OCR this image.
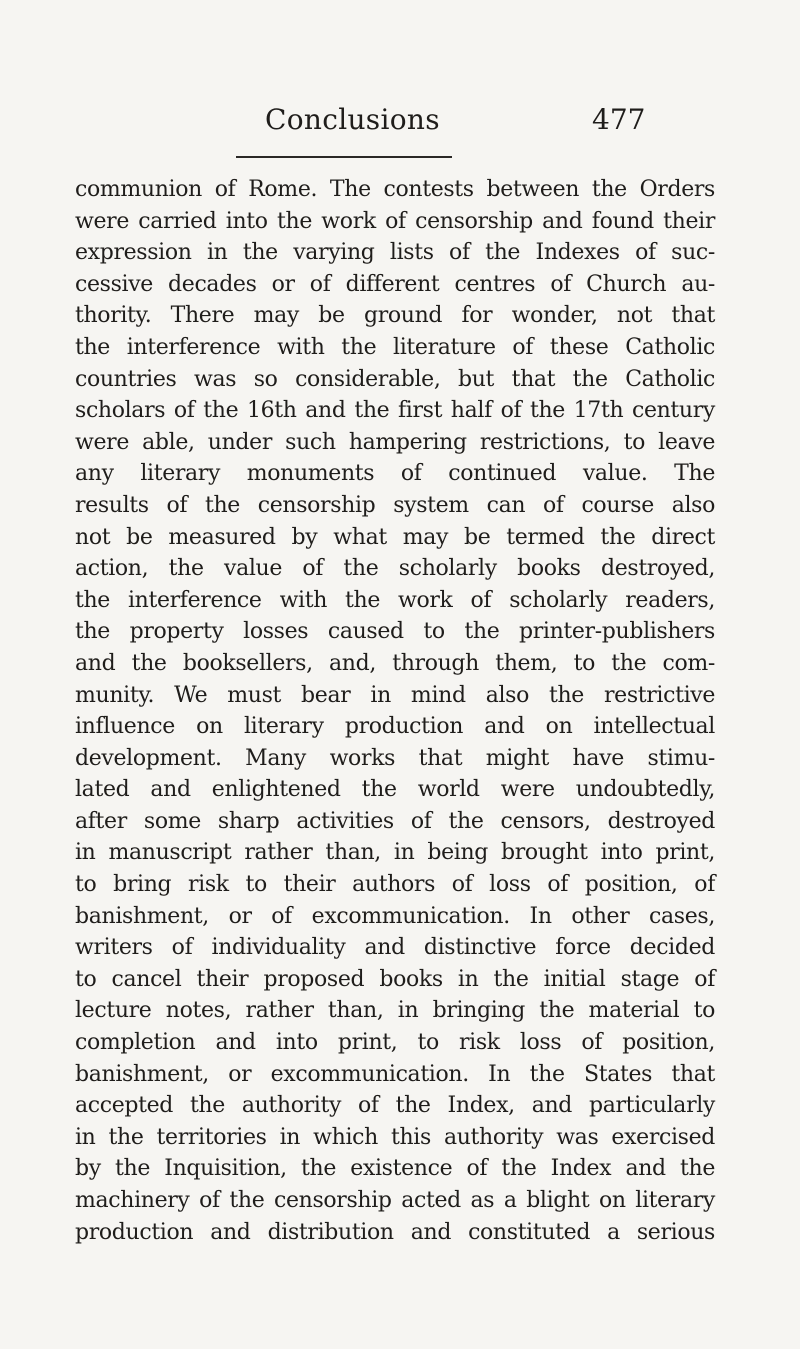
Conclusions	477
communion of Rome. The contests between the Orders
were carried into the work of censorship and found their
expression in the varying lists of the Indexes of suc-
cessive decades or of different centres of Church au-
thority. There may be ground for wonder, not that
the interference with the literature of these Catholic
countries was so considerable, but that the Catholic
scholars of the 16th and the first half of the 17th century
were able, under such hampering restrictions, to leave
any literary monuments of continued value. The
results of the censorship system can of course also
not be measured by what may be termed the direct
action, the value of the scholarly books destroyed,
the interference with the work of scholarly readers,
the property losses caused to the printer-publishers
and the booksellers, and, through them, to the com-
munity. We must bear in mind also the restrictive
influence on literary production and on intellectual
development. Many works that might have stimu-
lated and enlightened the world were undoubtedly,
after some sharp activities of the censors, destroyed
in manuscript rather than, in being brought into print,
to bring risk to their authors of loss of position, of
banishment, or of excommunication. In other cases,
writers of individuality and distinctive force decided
to cancel their proposed books in the initial stage of
lecture notes, rather than, in bringing the material to
completion and into print, to risk loss of position,
banishment, or excommunication. In the States that
accepted the authority of the Index, and particularly
in the territories in which this authority was exercised
by the Inquisition, the existence of the Index and the
machinery of the censorship acted as a blight on literary
production and distribution and constituted a serious
